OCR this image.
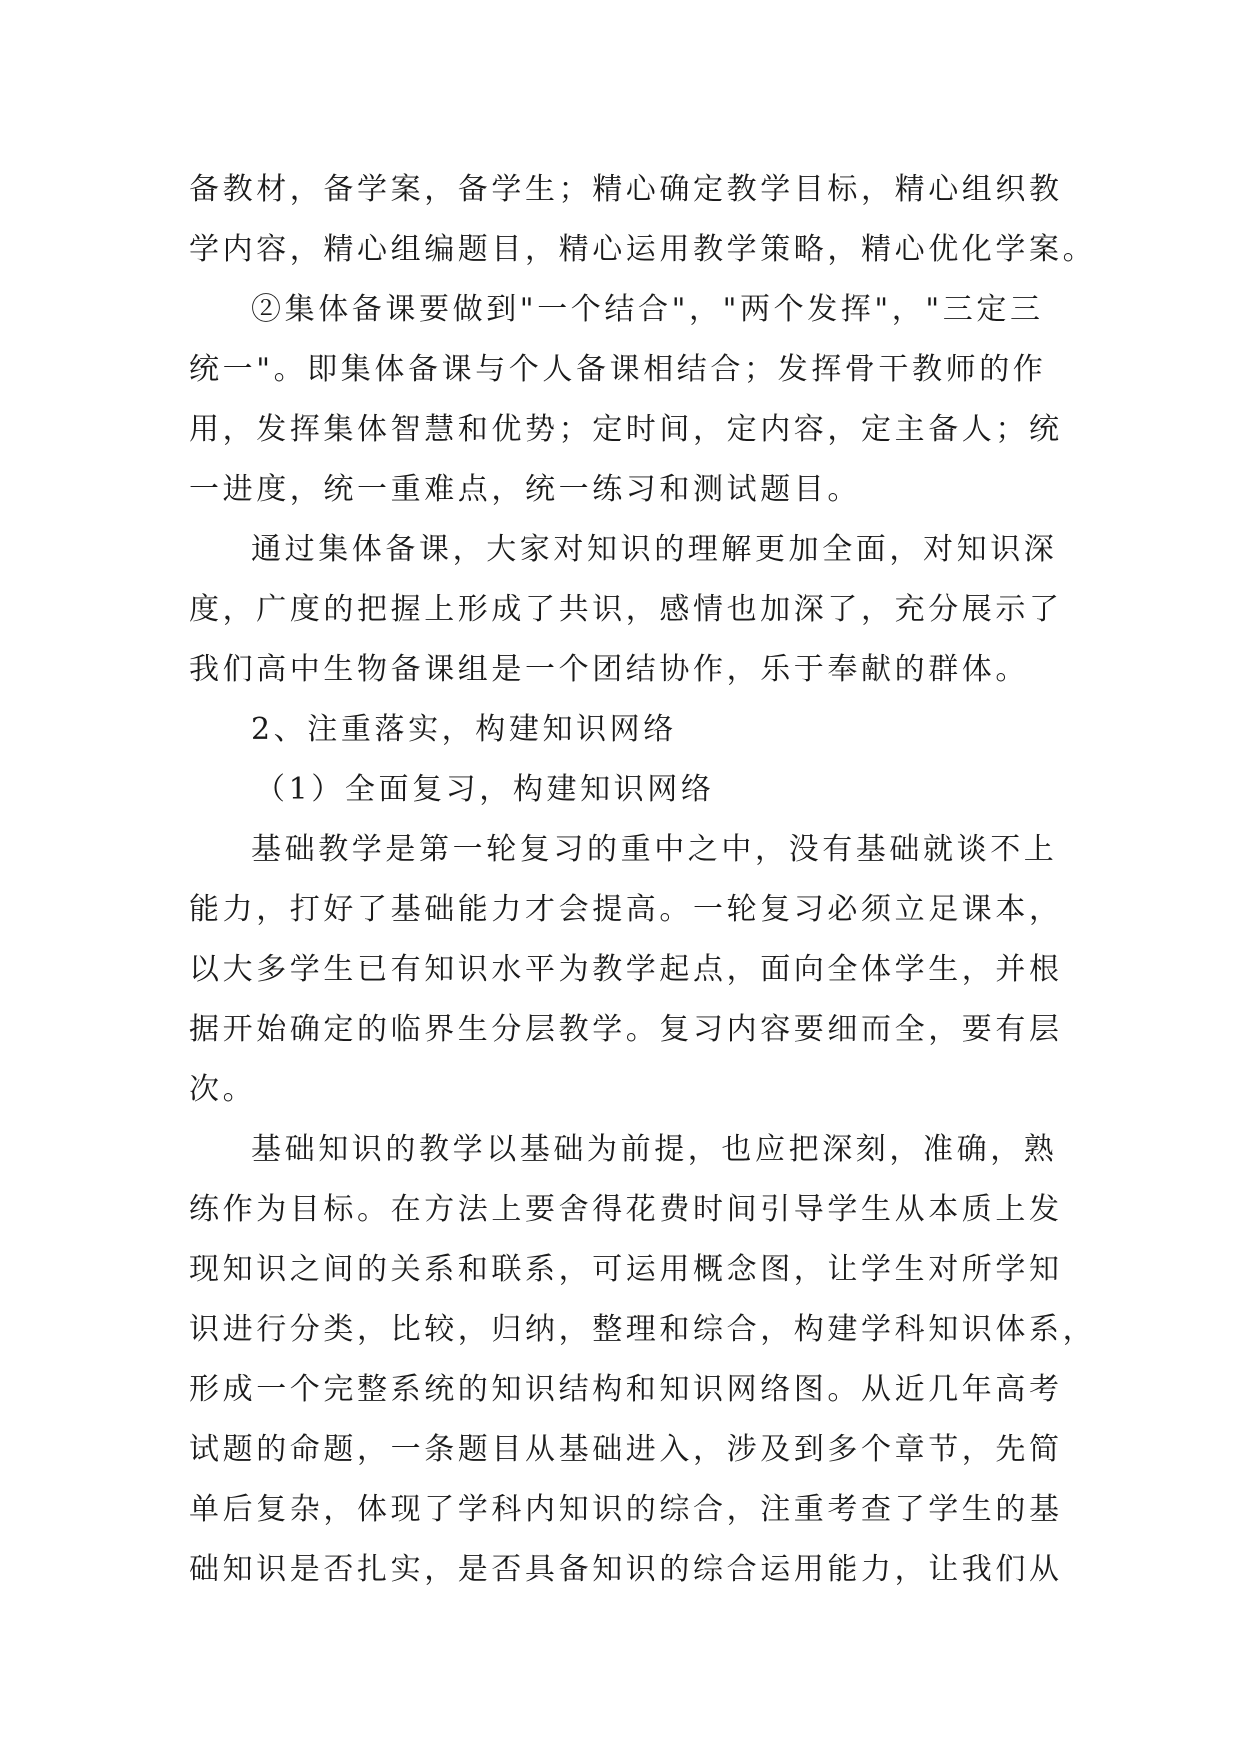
备教材，备学案，备学生；精心确定教学目标，精心组织教
学内容，精心组编题目，精心运用教学策略，精心优化学案。
②集体备课要做到"一个结合"，"两个发挥"，"三定三
统一"。即集体备课与个人备课相结合；发挥骨干教师的作
用，发挥集体智慧和优势；定时间，定内容，定主备人；统
一进度，统一重难点，统一练习和测试题目。
通过集体备课，大家对知识的理解更加全面，对知识深
度，广度的把握上形成了共识，感情也加深了，充分展示了
我们高中生物备课组是一个团结协作，乐于奉献的群体。
2、注重落实，构建知识网络
（1）全面复习，构建知识网络
基础教学是第一轮复习的重中之中，没有基础就谈不上
能力，打好了基础能力才会提高。一轮复习必须立足课本，
以大多学生已有知识水平为教学起点，面向全体学生，并根
据开始确定的临界生分层教学。复习内容要细而全，要有层
次。
基础知识的教学以基础为前提，也应把深刻，准确，熟
练作为目标。在方法上要舍得花费时间引导学生从本质上发
现知识之间的关系和联系，可运用概念图，让学生对所学知
识进行分类，比较，归纳，整理和综合，构建学科知识体系，
形成一个完整系统的知识结构和知识网络图。从近几年高考
试题的命题，一条题目从基础进入，涉及到多个章节，先简
单后复杂，体现了学科内知识的综合，注重考查了学生的基
础知识是否扎实，是否具备知识的综合运用能力，让我们从
